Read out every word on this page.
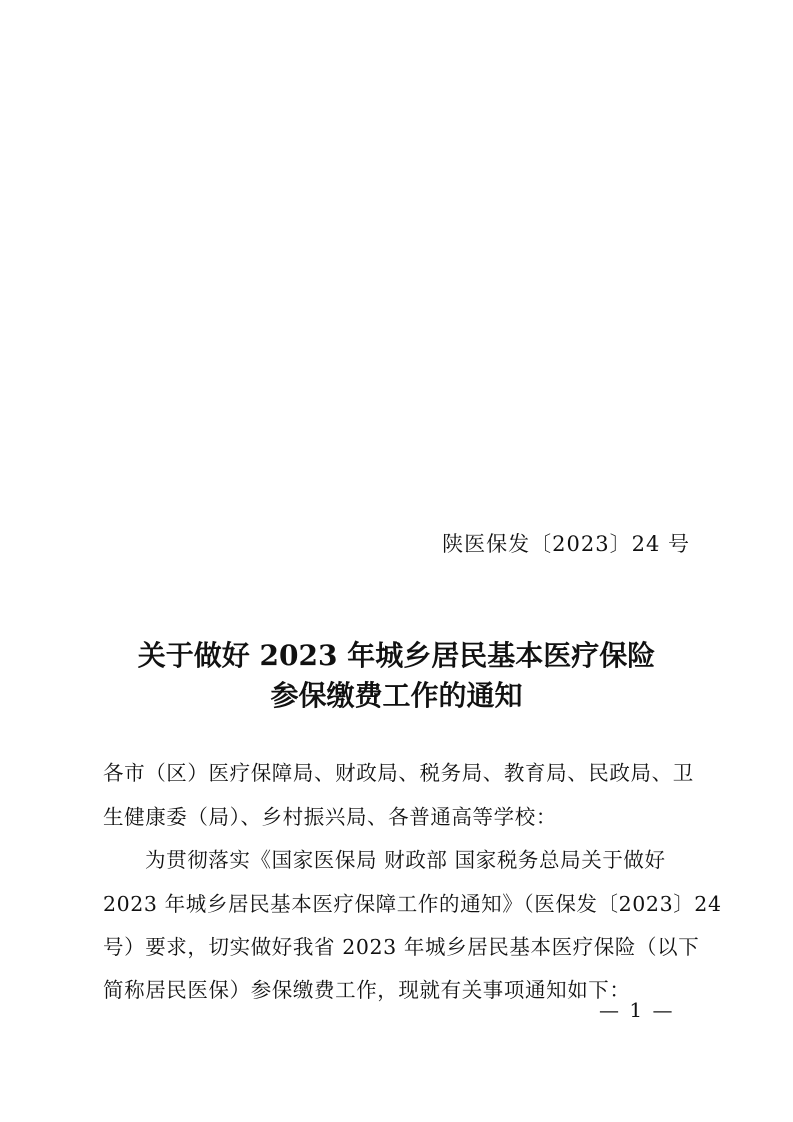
陕医保发〔2023〕24 号
关于做好 2023 年城乡居民基本医疗保险
参保缴费工作的通知
各市（区）医疗保障局、财政局、税务局、教育局、民政局、卫
生健康委（局）、乡村振兴局、各普通高等学校：
为贯彻落实《国家医保局 财政部 国家税务总局关于做好
2023 年城乡居民基本医疗保障工作的通知》（医保发〔2023〕24
号）要求，切实做好我省 2023 年城乡居民基本医疗保险（以下
简称居民医保）参保缴费工作，现就有关事项通知如下：
— 1 —
